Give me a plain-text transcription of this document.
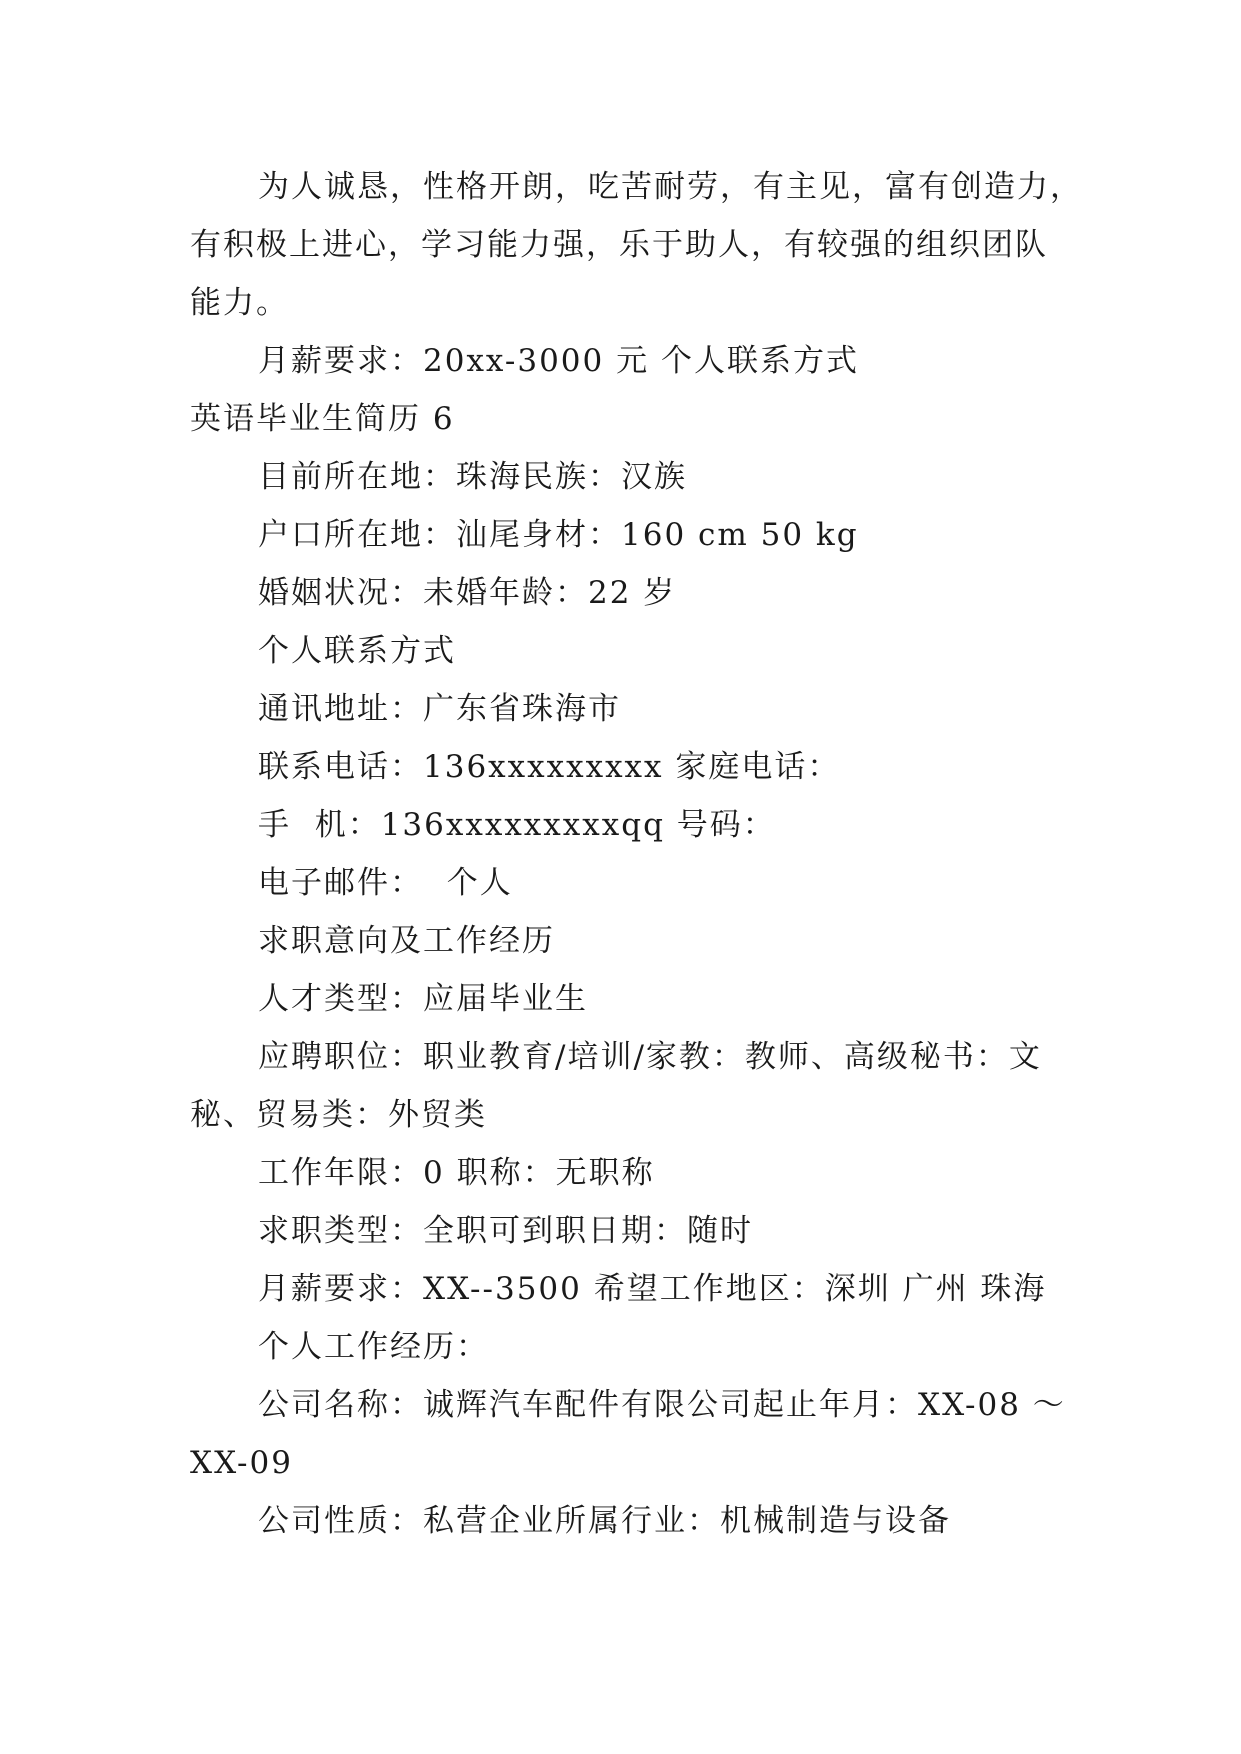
为人诚恳，性格开朗，吃苦耐劳，有主见，富有创造力，
有积极上进心，学习能力强，乐于助人，有较强的组织团队
能力。
月薪要求：20xx-3000 元 个人联系方式
英语毕业生简历 6
目前所在地：珠海民族：汉族
户口所在地：汕尾身材：160 cm 50 kg
婚姻状况：未婚年龄：22 岁
个人联系方式
通讯地址：广东省珠海市
联系电话：136xxxxxxxxx 家庭电话：
手  机：136xxxxxxxxxqq 号码：
电子邮件：  个人
求职意向及工作经历
人才类型：应届毕业生
应聘职位：职业教育/培训/家教：教师、高级秘书：文
秘、贸易类：外贸类
工作年限：0 职称：无职称
求职类型：全职可到职日期：随时
月薪要求：XX--3500 希望工作地区：深圳 广州 珠海
个人工作经历：
公司名称：诚辉汽车配件有限公司起止年月：XX-08 ～
XX-09
公司性质：私营企业所属行业：机械制造与设备
